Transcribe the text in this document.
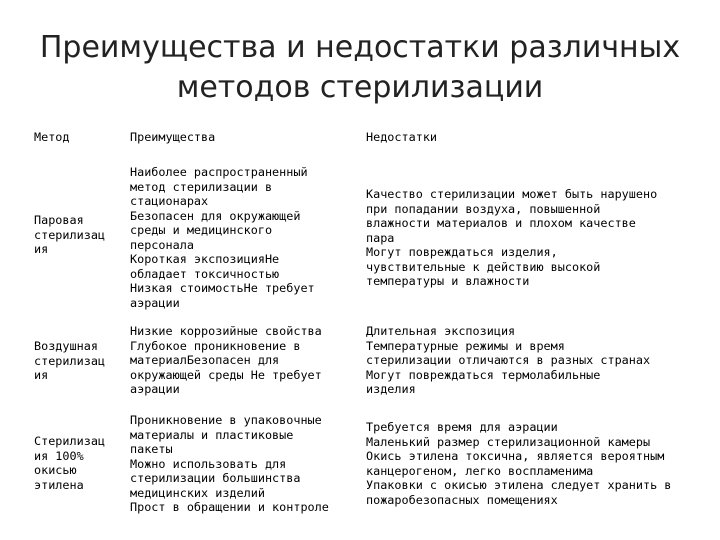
Преимущества и недостатки различных
методов стерилизации
Метод	Преимущества	Недостатки
Паровая
стерилизац
ия
Наиболее распространенный
метод стерилизации в
стационарах
Безопасен для окружающей
среды и медицинского
персонала
Короткая экспозицияНе
обладает токсичностью
Низкая стоимостьНе требует
аэрации
Качество стерилизации может быть нарушено
при попадании воздуха, повышенной
влажности материалов и плохом качестве
пара
Могут повреждаться изделия,
чувствительные к действию высокой
температуры и влажности
Воздушная
стерилизац
ия
Низкие коррозийные свойства
Глубокое проникновение в
материалБезопасен для
окружающей среды Не требует
аэрации
Длительная экспозиция
Температурные режимы и время
стерилизации отличаются в разных странах
Могут повреждаться термолабильные
изделия
Стерилизац
ия 100%
окисью
этилена
Проникновение в упаковочные
материалы и пластиковые
пакеты
Можно использовать для
стерилизации большинства
медицинских изделий
Прост в обращении и контроле
Требуется время для аэрации
Маленький размер стерилизационной камеры
Окись этилена токсична, является вероятным
канцерогеном, легко воспламенима
Упаковки с окисью этилена следует хранить в
пожаробезопасных помещениях
